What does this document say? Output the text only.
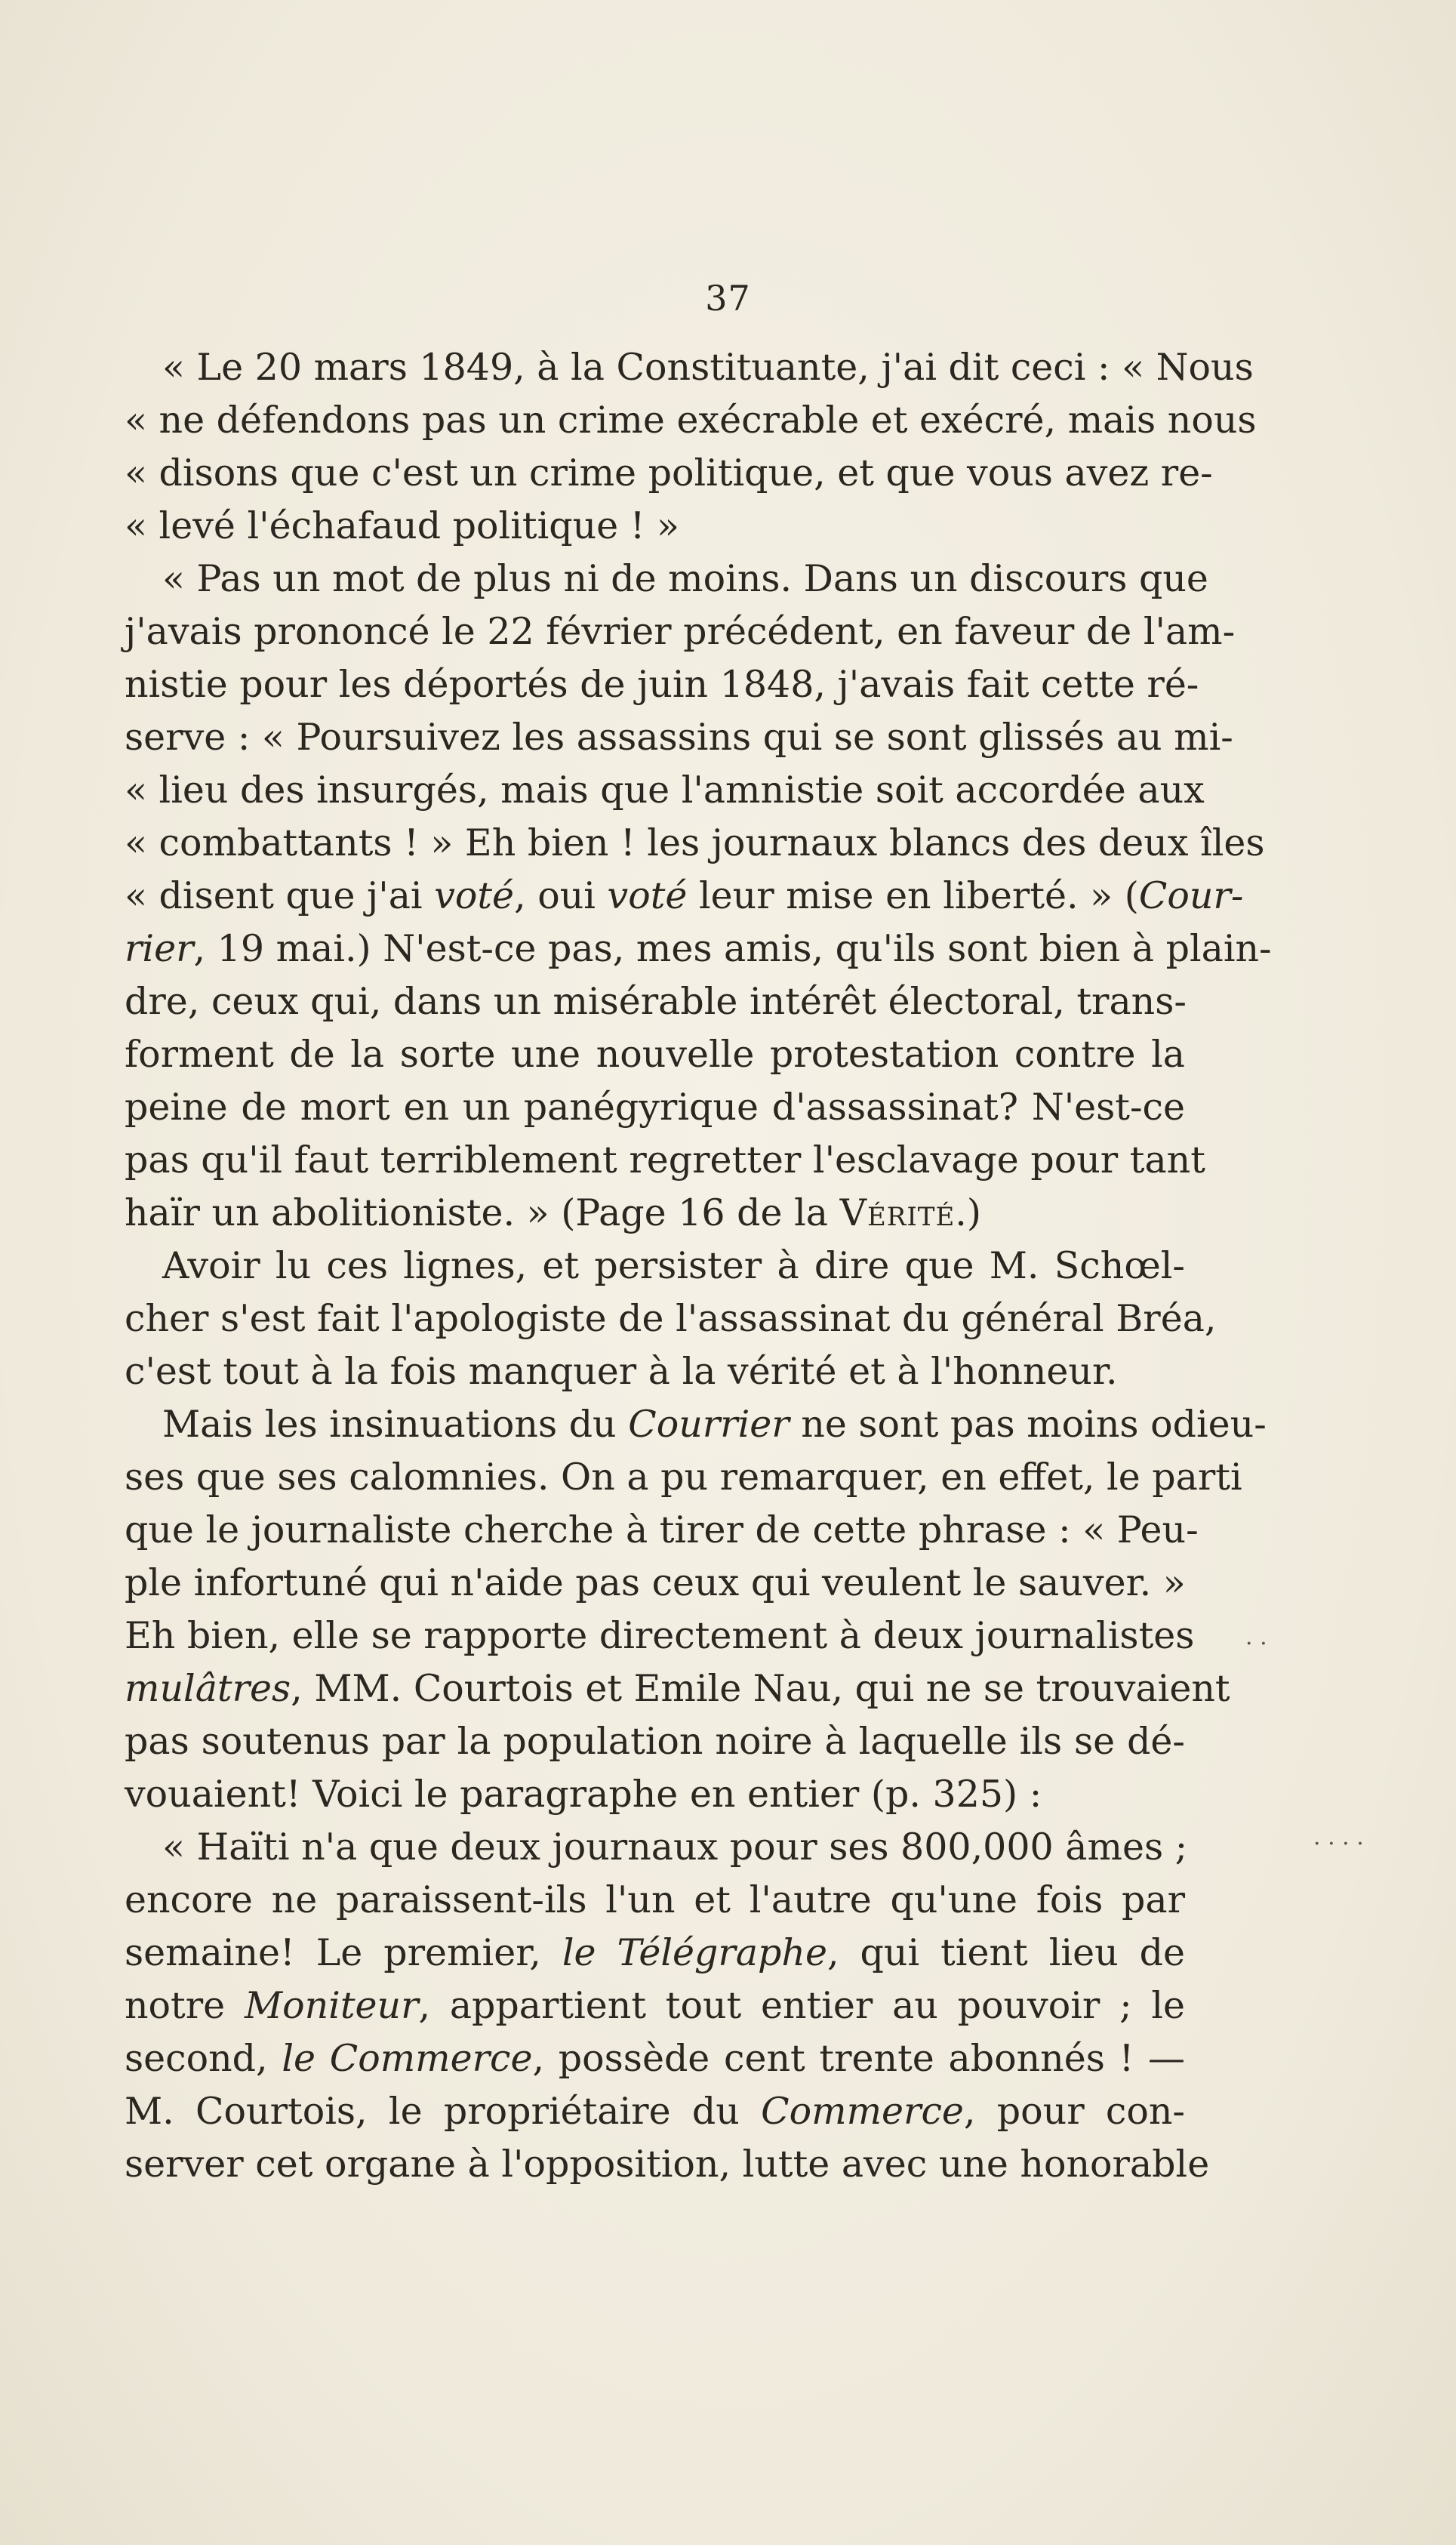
37
« Le 20 mars 1849, à la Constituante, j'ai dit ceci : « Nous
« ne défendons pas un crime exécrable et exécré, mais nous
« disons que c'est un crime politique, et que vous avez re-
« levé l'échafaud politique ! »
« Pas un mot de plus ni de moins. Dans un discours que
j'avais prononcé le 22 février précédent, en faveur de l'am-
nistie pour les déportés de juin 1848, j'avais fait cette ré-
serve : « Poursuivez les assassins qui se sont glissés au mi-
« lieu des insurgés, mais que l'amnistie soit accordée aux
« combattants ! » Eh bien ! les journaux blancs des deux îles
« disent que j'ai voté, oui voté leur mise en liberté. » (Cour-
rier, 19 mai.) N'est-ce pas, mes amis, qu'ils sont bien à plain-
dre, ceux qui, dans un misérable intérêt électoral, trans-
forment de la sorte une nouvelle protestation contre la
peine de mort en un panégyrique d'assassinat? N'est-ce
pas qu'il faut terriblement regretter l'esclavage pour tant
haïr un abolitioniste. » (Page 16 de la Vérité.)
Avoir lu ces lignes, et persister à dire que M. Schœl-
cher s'est fait l'apologiste de l'assassinat du général Bréa,
c'est tout à la fois manquer à la vérité et à l'honneur.
Mais les insinuations du Courrier ne sont pas moins odieu-
ses que ses calomnies. On a pu remarquer, en effet, le parti
que le journaliste cherche à tirer de cette phrase : « Peu-
ple infortuné qui n'aide pas ceux qui veulent le sauver. »
Eh bien, elle se rapporte directement à deux journalistes
mulâtres, MM. Courtois et Emile Nau, qui ne se trouvaient
pas soutenus par la population noire à laquelle ils se dé-
vouaient! Voici le paragraphe en entier (p. 325) :
« Haïti n'a que deux journaux pour ses 800,000 âmes ;
encore ne paraissent-ils l'un et l'autre qu'une fois par
semaine! Le premier, le Télégraphe, qui tient lieu de
notre Moniteur, appartient tout entier au pouvoir ; le
second, le Commerce, possède cent trente abonnés ! —
M. Courtois, le propriétaire du Commerce, pour con-
server cet organe à l'opposition, lutte avec une honorable
· ·
· · · ·
